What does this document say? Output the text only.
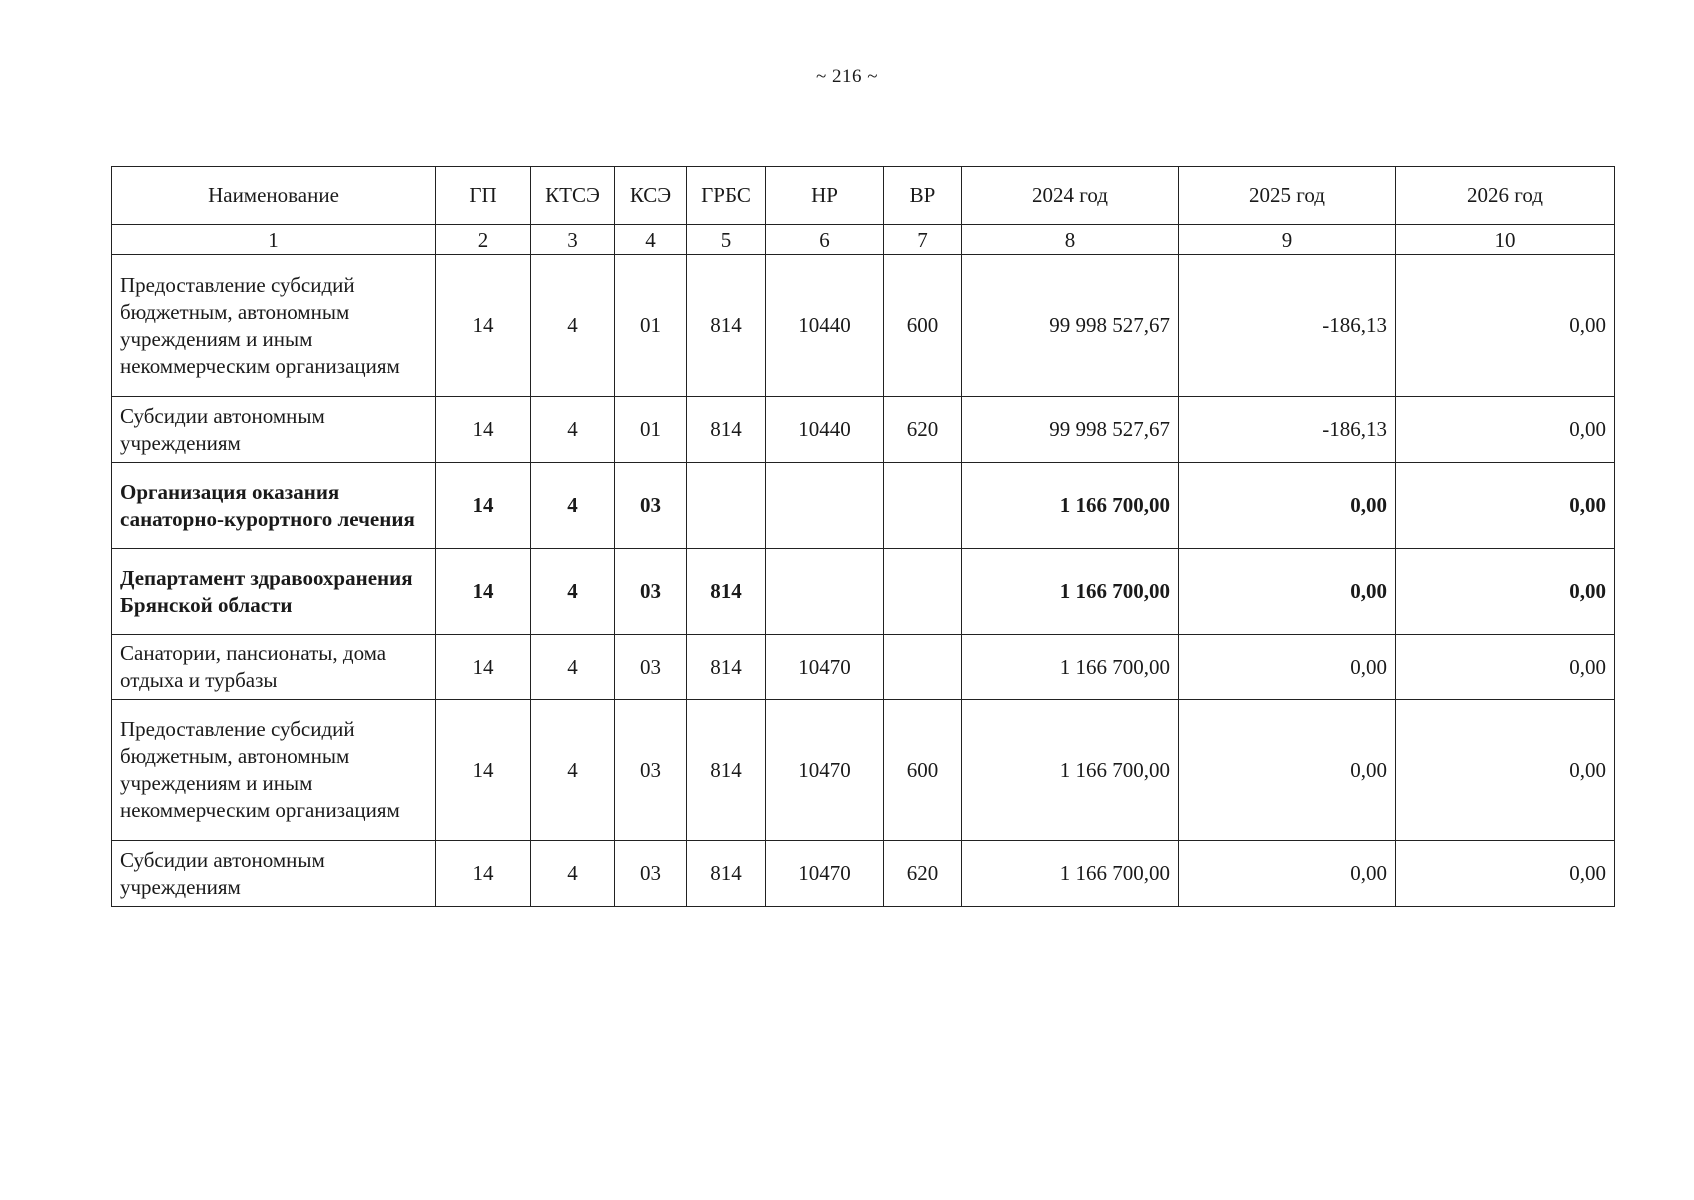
~ 216 ~
Наименование	ГП	КТСЭ	КСЭ	ГРБС	НР	ВР	2024 год	2025 год	2026 год
1	2	3	4	5	6	7	8	9	10
Предоставление субсидий бюджетным, автономным учреждениям и иным некоммерческим организациям	14	4	01	814	10440	600	99 998 527,67	-186,13	0,00
Субсидии автономным учреждениям	14	4	01	814	10440	620	99 998 527,67	-186,13	0,00
Организация оказания санаторно-курортного лечения	14	4	03				1 166 700,00	0,00	0,00
Департамент здравоохранения Брянской области	14	4	03	814			1 166 700,00	0,00	0,00
Санатории, пансионаты, дома отдыха и турбазы	14	4	03	814	10470		1 166 700,00	0,00	0,00
Предоставление субсидий бюджетным, автономным учреждениям и иным некоммерческим организациям	14	4	03	814	10470	600	1 166 700,00	0,00	0,00
Субсидии автономным учреждениям	14	4	03	814	10470	620	1 166 700,00	0,00	0,00
